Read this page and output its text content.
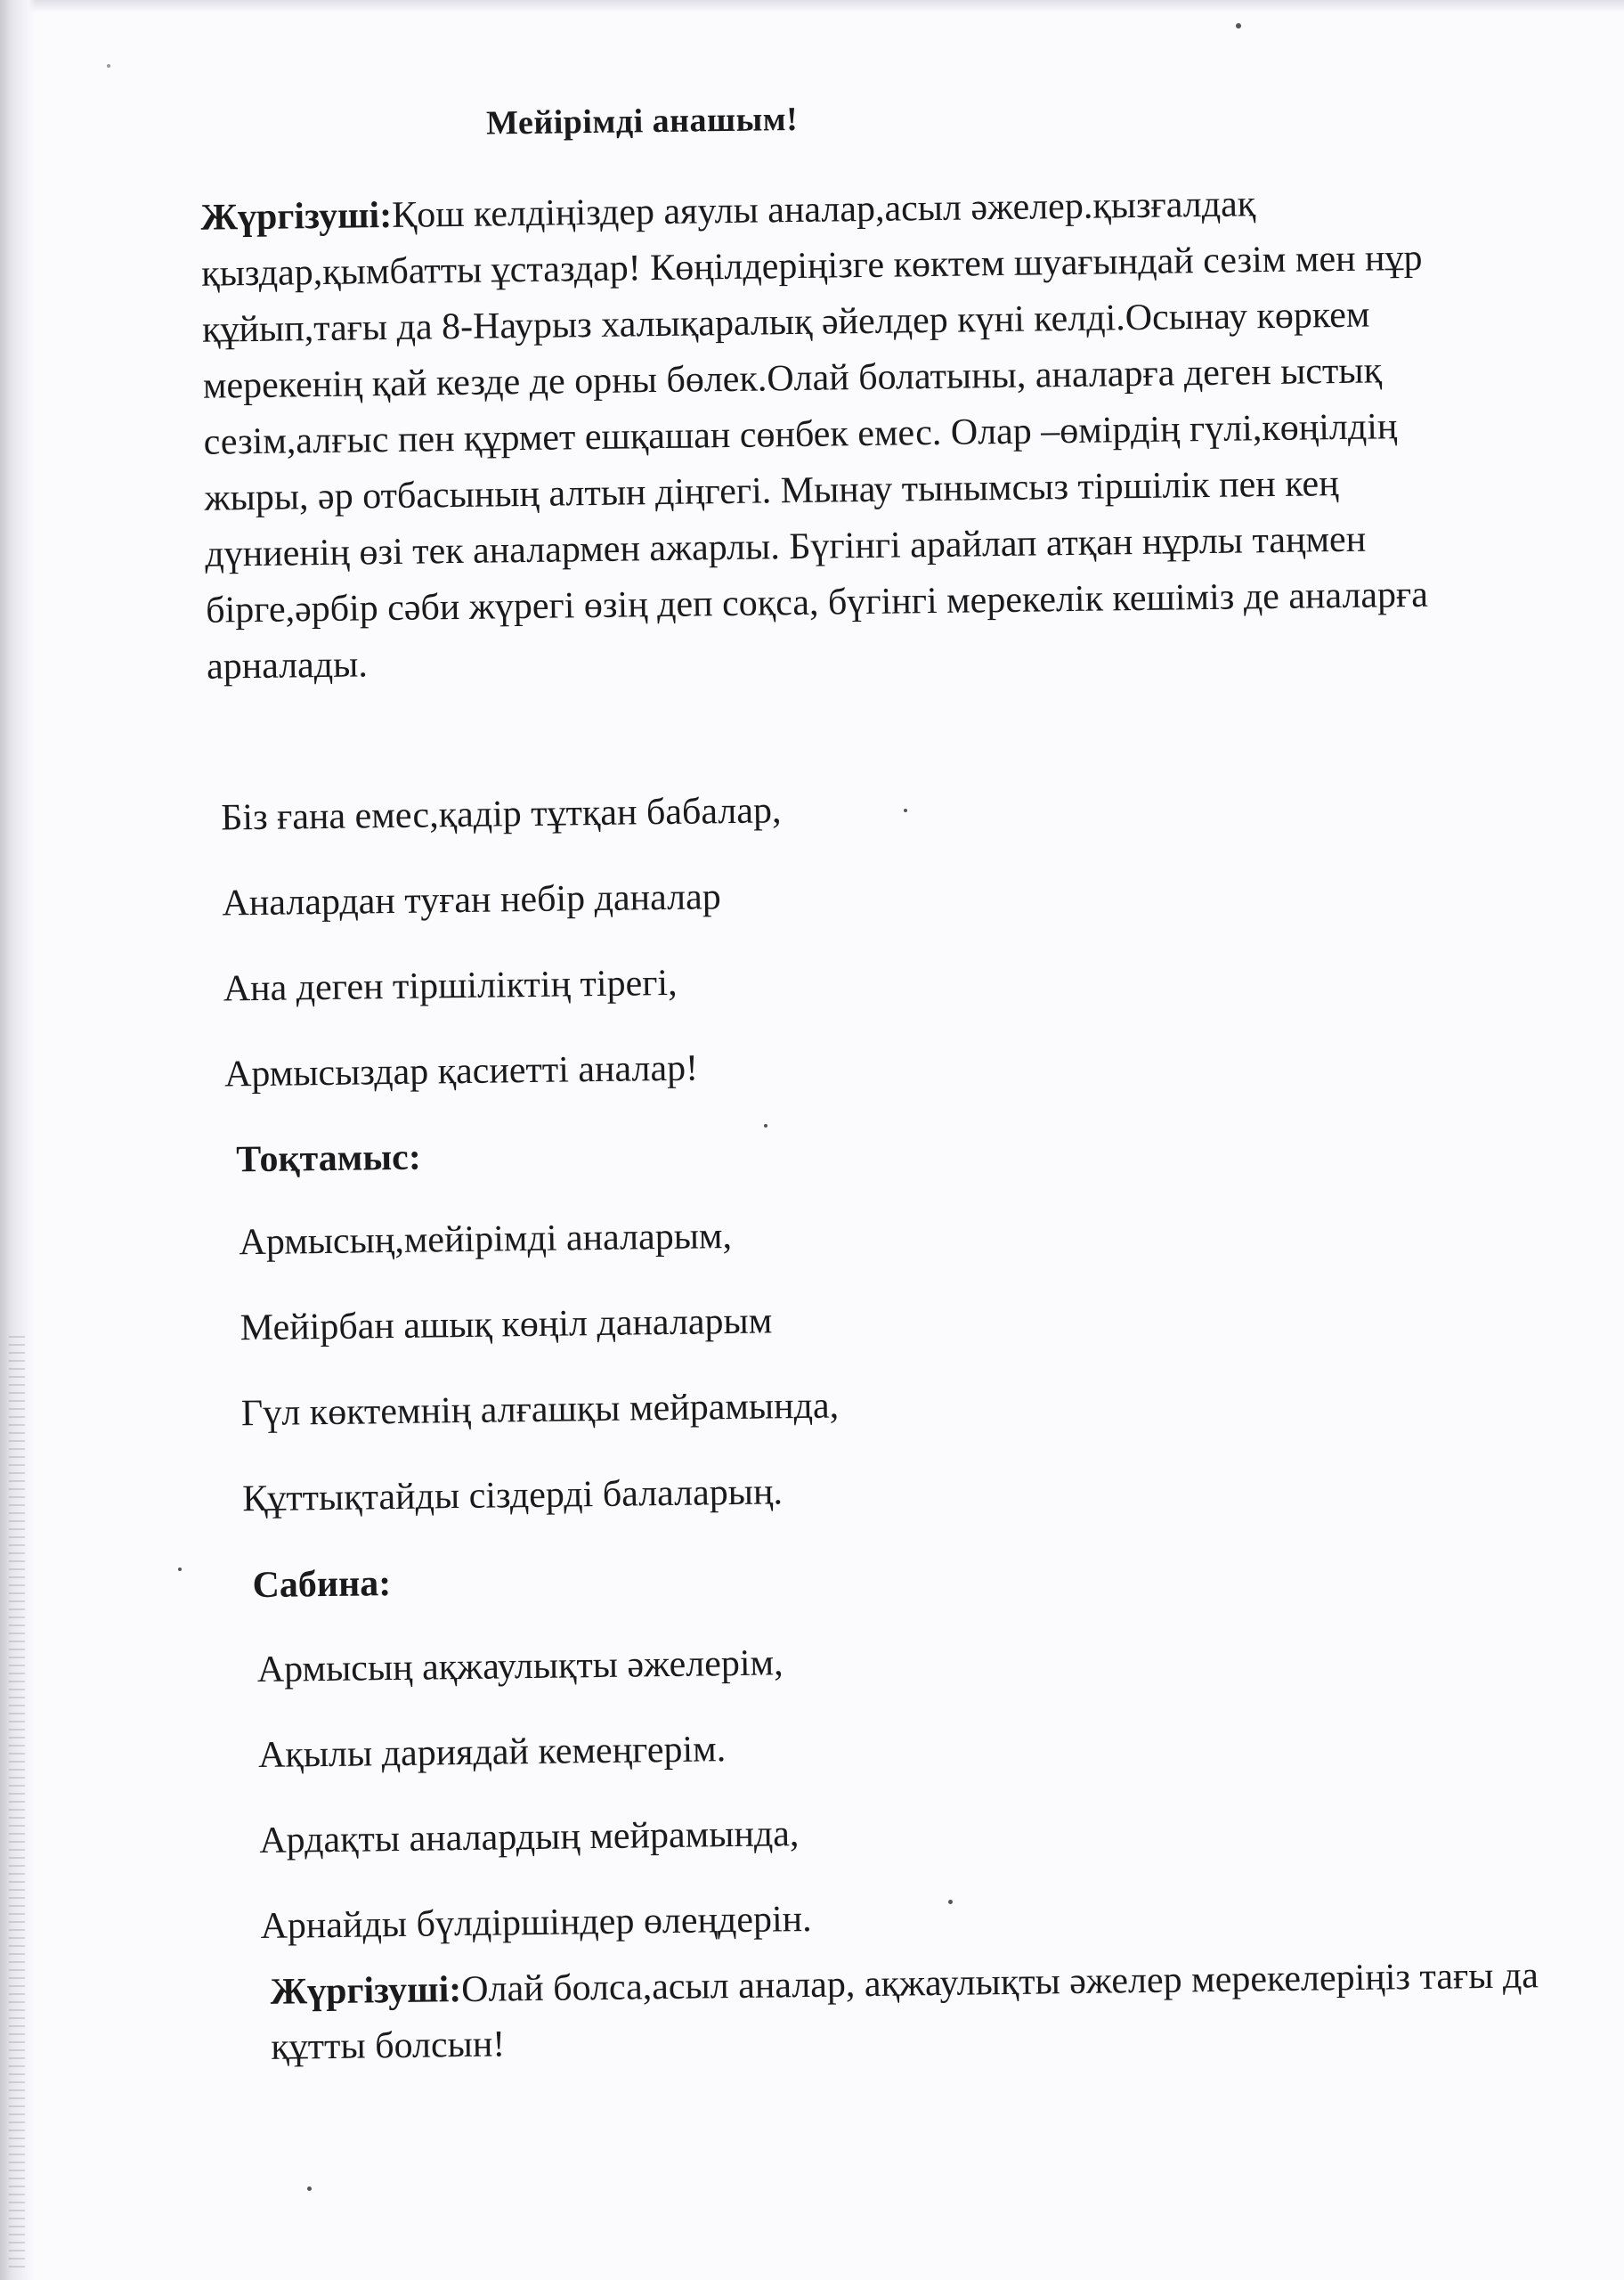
Мейірімді анашым!

Жүргізуші:Қош келдіңіздер аяулы аналар,асыл әжелер.қызғалдақ қыздар,қымбатты ұстаздар! Көңілдеріңізге көктем шуағындай сезім мен нұр құйып,тағы да 8-Наурыз халықаралық әйелдер күні келді.Осынау көркем мерекенің қай кезде де орны бөлек.Олай болатыны, аналарға деген ыстық сезім,алғыс пен құрмет ешқашан сөнбек емес. Олар –өмірдің гүлі,көңілдің жыры, әр отбасының алтын діңгегі. Мынау тынымсыз тіршілік пен кең дүниенің өзі тек аналармен ажарлы. Бүгінгі арайлап атқан нұрлы таңмен бірге,әрбір сәби жүрегі өзің деп соқса, бүгінгі мерекелік кешіміз де аналарға арналады.

Біз ғана емес,қадір тұтқан бабалар,
Аналардан туған небір даналар
Ана деген тіршіліктің тірегі,
Армысыздар қасиетті аналар!
Тоқтамыс:
Армысың,мейірімді аналарым,
Мейірбан ашық көңіл даналарым
Гүл көктемнің алғашқы мейрамында,
Құттықтайды сіздерді балаларың.
Сабина:
Армысың ақжаулықты әжелерім,
Ақылы дариядай кемеңгерім.
Ардақты аналардың мейрамында,
Арнайды бүлдіршіндер өлеңдерін.

Жүргізуші:Олай болса,асыл аналар, ақжаулықты әжелер мерекелеріңіз тағы да құтты болсын!
